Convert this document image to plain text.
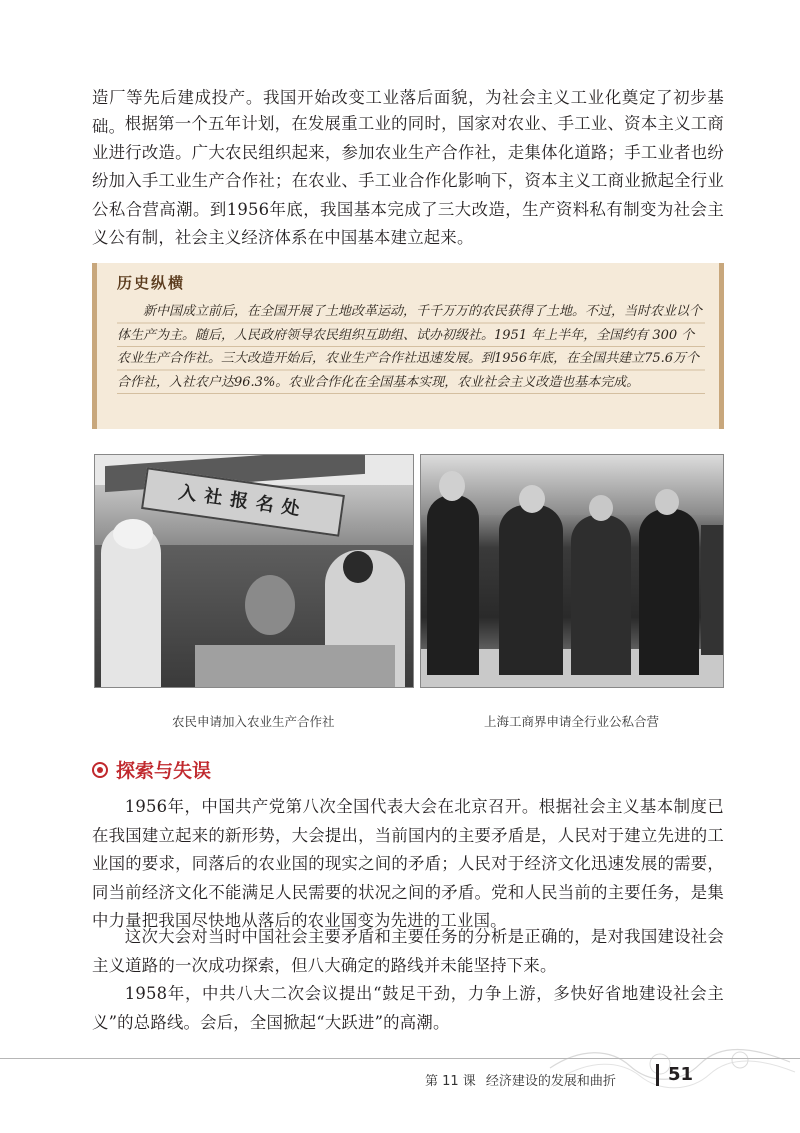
造厂等先后建成投产。我国开始改变工业落后面貌，为社会主义工业化奠定了初步基础。 根据第一个五年计划，在发展重工业的同时，国家对农业、手工业、资本主义工商业进行改造。广大农民组织起来，参加农业生产合作社，走集体化道路；手工业者也纷纷加入手工业生产合作社；在农业、手工业合作化影响下，资本主义工商业掀起全行业公私合营高潮。到1956年底，我国基本完成了三大改造，生产资料私有制变为社会主义公有制，社会主义经济体系在中国基本建立起来。

历史纵横

新中国成立前后，在全国开展了土地改革运动，千千万万的农民获得了土地。不过，当时农业以个体生产为主。随后，人民政府领导农民组织互助组、试办初级社。1951 年上半年，全国约有 300 个农业生产合作社。三大改造开始后，农业生产合作社迅速发展。到1956年底，在全国共建立75.6万个合作社，入社农户达96.3%。农业合作化在全国基本实现，农业社会主义改造也基本完成。

入社报名处
农民申请加入农业生产合作社	上海工商界申请全行业公私合营
探索与失误

1956年，中国共产党第八次全国代表大会在北京召开。根据社会主义基本制度已在我国建立起来的新形势，大会提出，当前国内的主要矛盾是，人民对于建立先进的工业国的要求，同落后的农业国的现实之间的矛盾；人民对于经济文化迅速发展的需要，同当前经济文化不能满足人民需要的状况之间的矛盾。党和人民当前的主要任务，是集中力量把我国尽快地从落后的农业国变为先进的工业国。

这次大会对当时中国社会主要矛盾和主要任务的分析是正确的，是对我国建设社会主义道路的一次成功探索，但八大确定的路线并未能坚持下来。

1958年，中共八大二次会议提出“鼓足干劲，力争上游，多快好省地建设社会主义”的总路线。会后，全国掀起“大跃进”的高潮。

第 11 课 经济建设的发展和曲折	51
